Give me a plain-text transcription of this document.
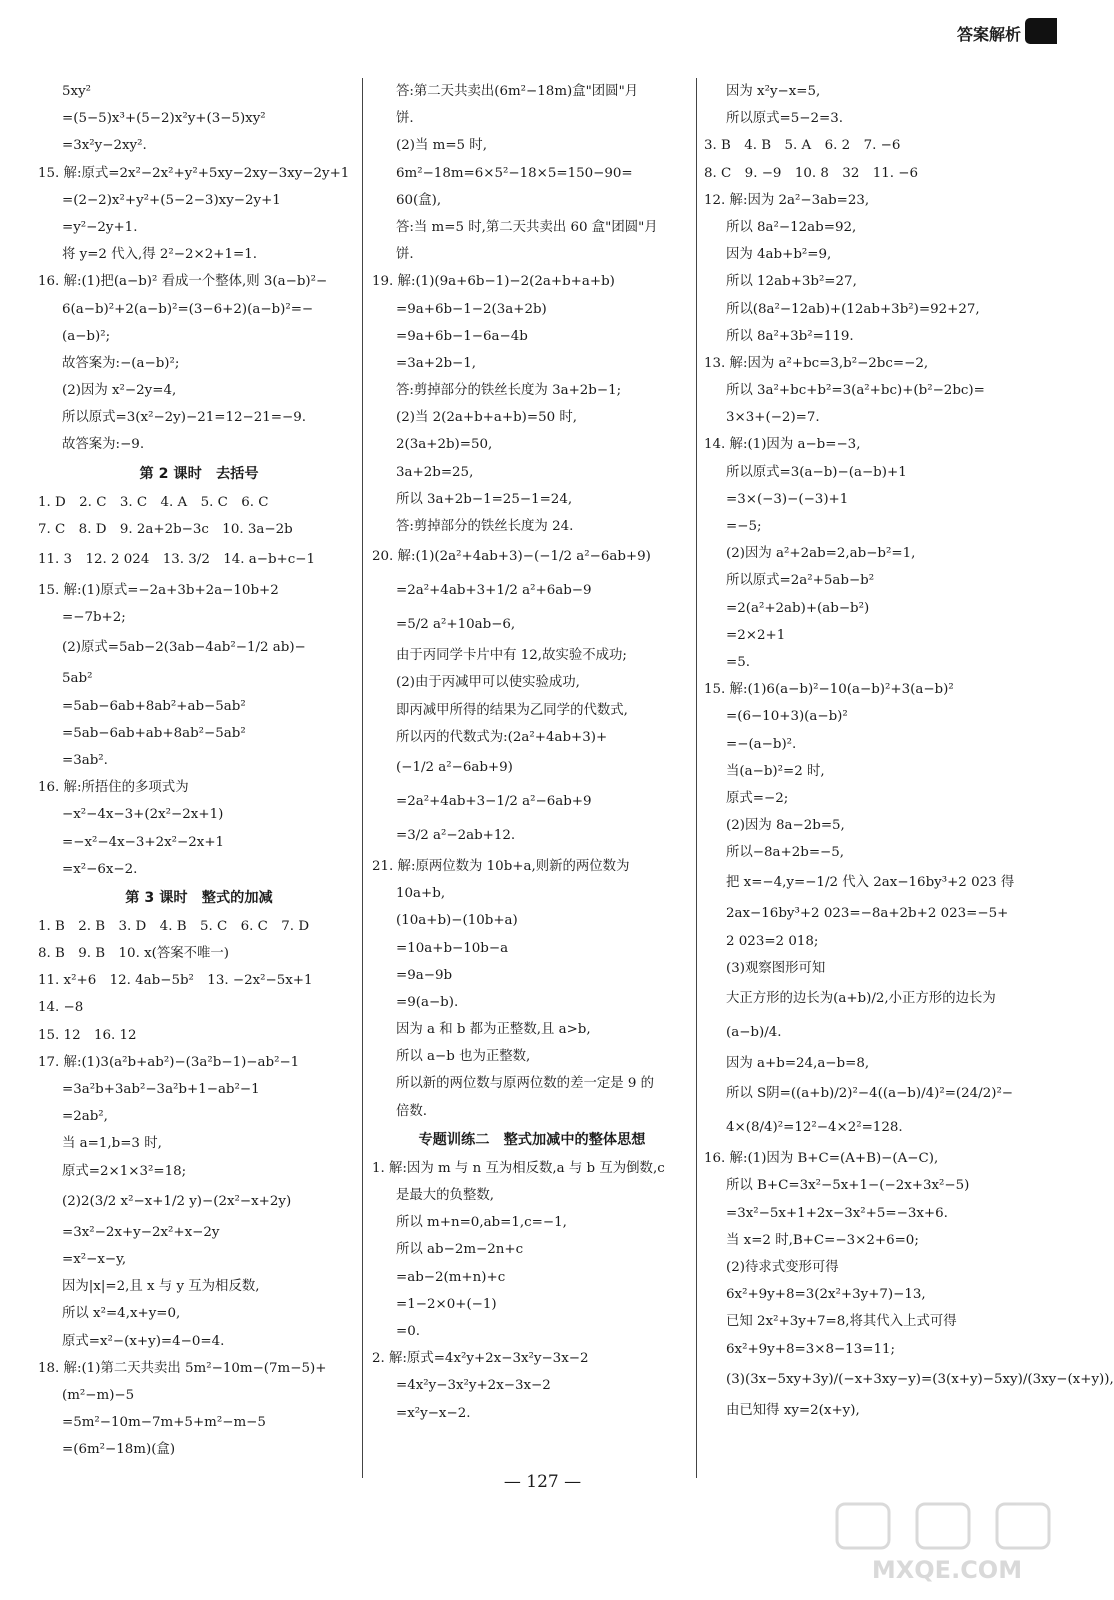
答案解析
5xy²
=(5−5)x³+(5−2)x²y+(3−5)xy²
=3x²y−2xy².
15. 解:原式=2x²−2x²+y²+5xy−2xy−3xy−2y+1
=(2−2)x²+y²+(5−2−3)xy−2y+1
=y²−2y+1.
将 y=2 代入,得 2²−2×2+1=1.
16. 解:(1)把(a−b)² 看成一个整体,则 3(a−b)²−
6(a−b)²+2(a−b)²=(3−6+2)(a−b)²=−
(a−b)²;
故答案为:−(a−b)²;
(2)因为 x²−2y=4,
所以原式=3(x²−2y)−21=12−21=−9.
故答案为:−9.
第 2 课时　去括号
1. D　2. C　3. C　4. A　5. C　6. C
7. C　8. D　9. 2a+2b−3c　10. 3a−2b
11. 3　12. 2 024　13. 3/2　14. a−b+c−1
15. 解:(1)原式=−2a+3b+2a−10b+2
=−7b+2;
(2)原式=5ab−2(3ab−4ab²−1/2 ab)−
5ab²
=5ab−6ab+8ab²+ab−5ab²
=5ab−6ab+ab+8ab²−5ab²
=3ab².
16. 解:所捂住的多项式为
−x²−4x−3+(2x²−2x+1)
=−x²−4x−3+2x²−2x+1
=x²−6x−2.
第 3 课时　整式的加减
1. B　2. B　3. D　4. B　5. C　6. C　7. D
8. B　9. B　10. x(答案不唯一)
11. x²+6　12. 4ab−5b²　13. −2x²−5x+1
14. −8
15. 12　16. 12
17. 解:(1)3(a²b+ab²)−(3a²b−1)−ab²−1
=3a²b+3ab²−3a²b+1−ab²−1
=2ab²,
当 a=1,b=3 时,
原式=2×1×3²=18;
(2)2(3/2 x²−x+1/2 y)−(2x²−x+2y)
=3x²−2x+y−2x²+x−2y
=x²−x−y,
因为|x|=2,且 x 与 y 互为相反数,
所以 x²=4,x+y=0,
原式=x²−(x+y)=4−0=4.
18. 解:(1)第二天共卖出 5m²−10m−(7m−5)+
(m²−m)−5
=5m²−10m−7m+5+m²−m−5
=(6m²−18m)(盒)
答:第二天共卖出(6m²−18m)盒"团圆"月
饼.
(2)当 m=5 时,
6m²−18m=6×5²−18×5=150−90=
60(盒),
答:当 m=5 时,第二天共卖出 60 盒"团圆"月
饼.
19. 解:(1)(9a+6b−1)−2(2a+b+a+b)
=9a+6b−1−2(3a+2b)
=9a+6b−1−6a−4b
=3a+2b−1,
答:剪掉部分的铁丝长度为 3a+2b−1;
(2)当 2(2a+b+a+b)=50 时,
2(3a+2b)=50,
3a+2b=25,
所以 3a+2b−1=25−1=24,
答:剪掉部分的铁丝长度为 24.
20. 解:(1)(2a²+4ab+3)−(−1/2 a²−6ab+9)
=2a²+4ab+3+1/2 a²+6ab−9
=5/2 a²+10ab−6,
由于丙同学卡片中有 12,故实验不成功;
(2)由于丙减甲可以使实验成功,
即丙减甲所得的结果为乙同学的代数式,
所以丙的代数式为:(2a²+4ab+3)+
(−1/2 a²−6ab+9)
=2a²+4ab+3−1/2 a²−6ab+9
=3/2 a²−2ab+12.
21. 解:原两位数为 10b+a,则新的两位数为
10a+b,
(10a+b)−(10b+a)
=10a+b−10b−a
=9a−9b
=9(a−b).
因为 a 和 b 都为正整数,且 a>b,
所以 a−b 也为正整数,
所以新的两位数与原两位数的差一定是 9 的
倍数.
专题训练二　整式加减中的整体思想
1. 解:因为 m 与 n 互为相反数,a 与 b 互为倒数,c
是最大的负整数,
所以 m+n=0,ab=1,c=−1,
所以 ab−2m−2n+c
=ab−2(m+n)+c
=1−2×0+(−1)
=0.
2. 解:原式=4x²y+2x−3x²y−3x−2
=4x²y−3x²y+2x−3x−2
=x²y−x−2.
因为 x²y−x=5,
所以原式=5−2=3.
3. B　4. B　5. A　6. 2　7. −6
8. C　9. −9　10. 8　32　11. −6
12. 解:因为 2a²−3ab=23,
所以 8a²−12ab=92,
因为 4ab+b²=9,
所以 12ab+3b²=27,
所以(8a²−12ab)+(12ab+3b²)=92+27,
所以 8a²+3b²=119.
13. 解:因为 a²+bc=3,b²−2bc=−2,
所以 3a²+bc+b²=3(a²+bc)+(b²−2bc)=
3×3+(−2)=7.
14. 解:(1)因为 a−b=−3,
所以原式=3(a−b)−(a−b)+1
=3×(−3)−(−3)+1
=−5;
(2)因为 a²+2ab=2,ab−b²=1,
所以原式=2a²+5ab−b²
=2(a²+2ab)+(ab−b²)
=2×2+1
=5.
15. 解:(1)6(a−b)²−10(a−b)²+3(a−b)²
=(6−10+3)(a−b)²
=−(a−b)².
当(a−b)²=2 时,
原式=−2;
(2)因为 8a−2b=5,
所以−8a+2b=−5,
把 x=−4,y=−1/2 代入 2ax−16by³+2 023 得
2ax−16by³+2 023=−8a+2b+2 023=−5+
2 023=2 018;
(3)观察图形可知
大正方形的边长为(a+b)/2,小正方形的边长为
(a−b)/4.
因为 a+b=24,a−b=8,
所以 S阴=((a+b)/2)²−4((a−b)/4)²=(24/2)²−
4×(8/4)²=12²−4×2²=128.
16. 解:(1)因为 B+C=(A+B)−(A−C),
所以 B+C=3x²−5x+1−(−2x+3x²−5)
=3x²−5x+1+2x−3x²+5=−3x+6.
当 x=2 时,B+C=−3×2+6=0;
(2)待求式变形可得
6x²+9y+8=3(2x²+3y+7)−13,
已知 2x²+3y+7=8,将其代入上式可得
6x²+9y+8=3×8−13=11;
(3)(3x−5xy+3y)/(−x+3xy−y)=(3(x+y)−5xy)/(3xy−(x+y)),
由已知得 xy=2(x+y),
— 127 —
MXQE.COM
